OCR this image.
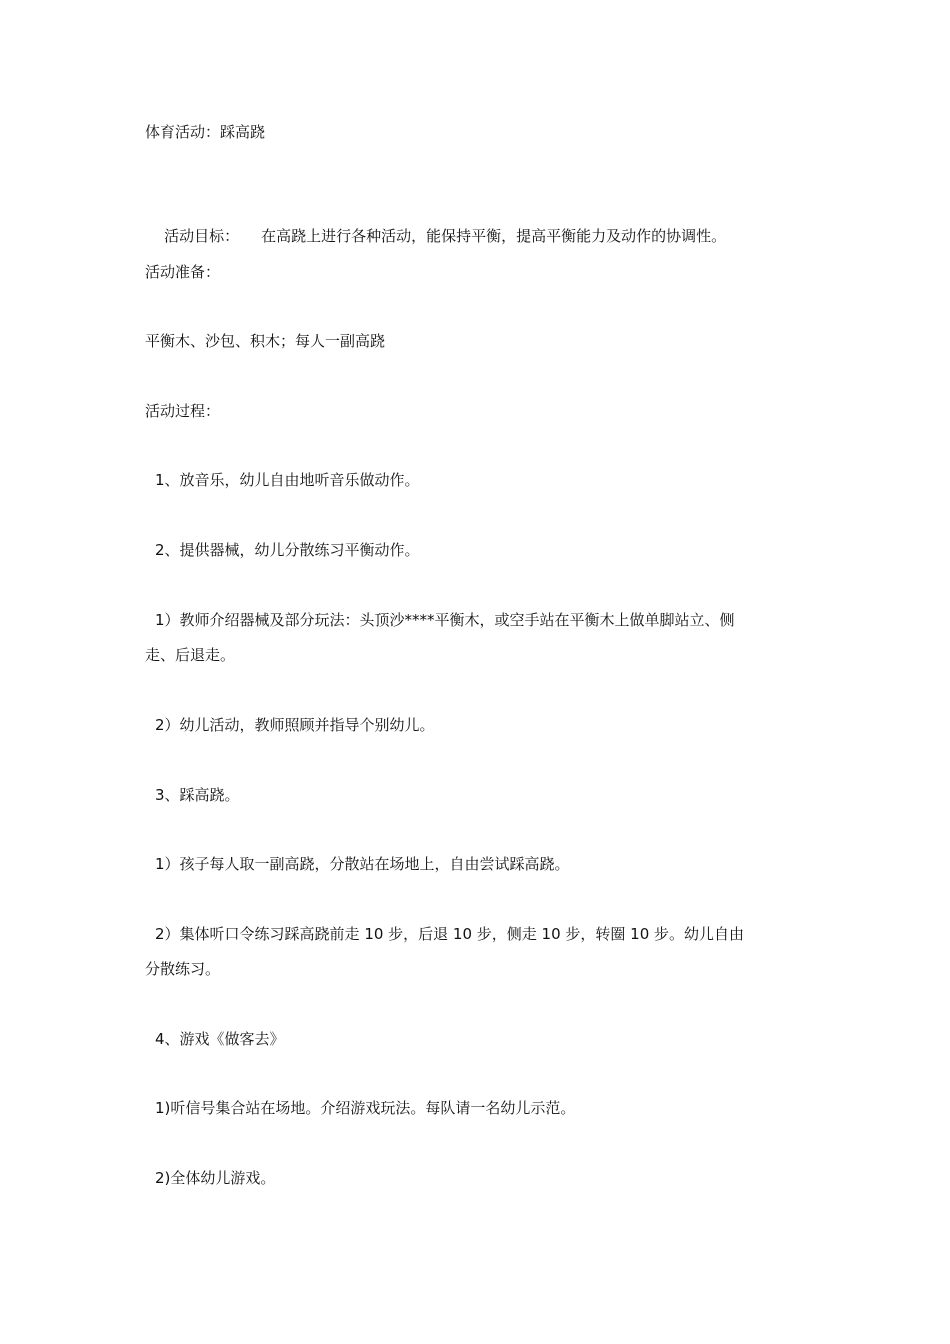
体育活动：踩高跷

活动目标： 在高跷上进行各种活动，能保持平衡，提高平衡能力及动作的协调性。

活动准备：
平衡木、沙包、积木；每人一副高跷
活动过程：
1、放音乐，幼儿自由地听音乐做动作。
2、提供器械，幼儿分散练习平衡动作。
1）教师介绍器械及部分玩法：头顶沙****平衡木，或空手站在平衡木上做单脚站立、侧
走、后退走。
2）幼儿活动，教师照顾并指导个别幼儿。
3、踩高跷。
1）孩子每人取一副高跷，分散站在场地上，自由尝试踩高跷。
2）集体听口令练习踩高跷前走 10 步，后退 10 步，侧走 10 步，转圈 10 步。幼儿自由
分散练习。
4、游戏《做客去》
1)听信号集合站在场地。介绍游戏玩法。每队请一名幼儿示范。
2)全体幼儿游戏。
